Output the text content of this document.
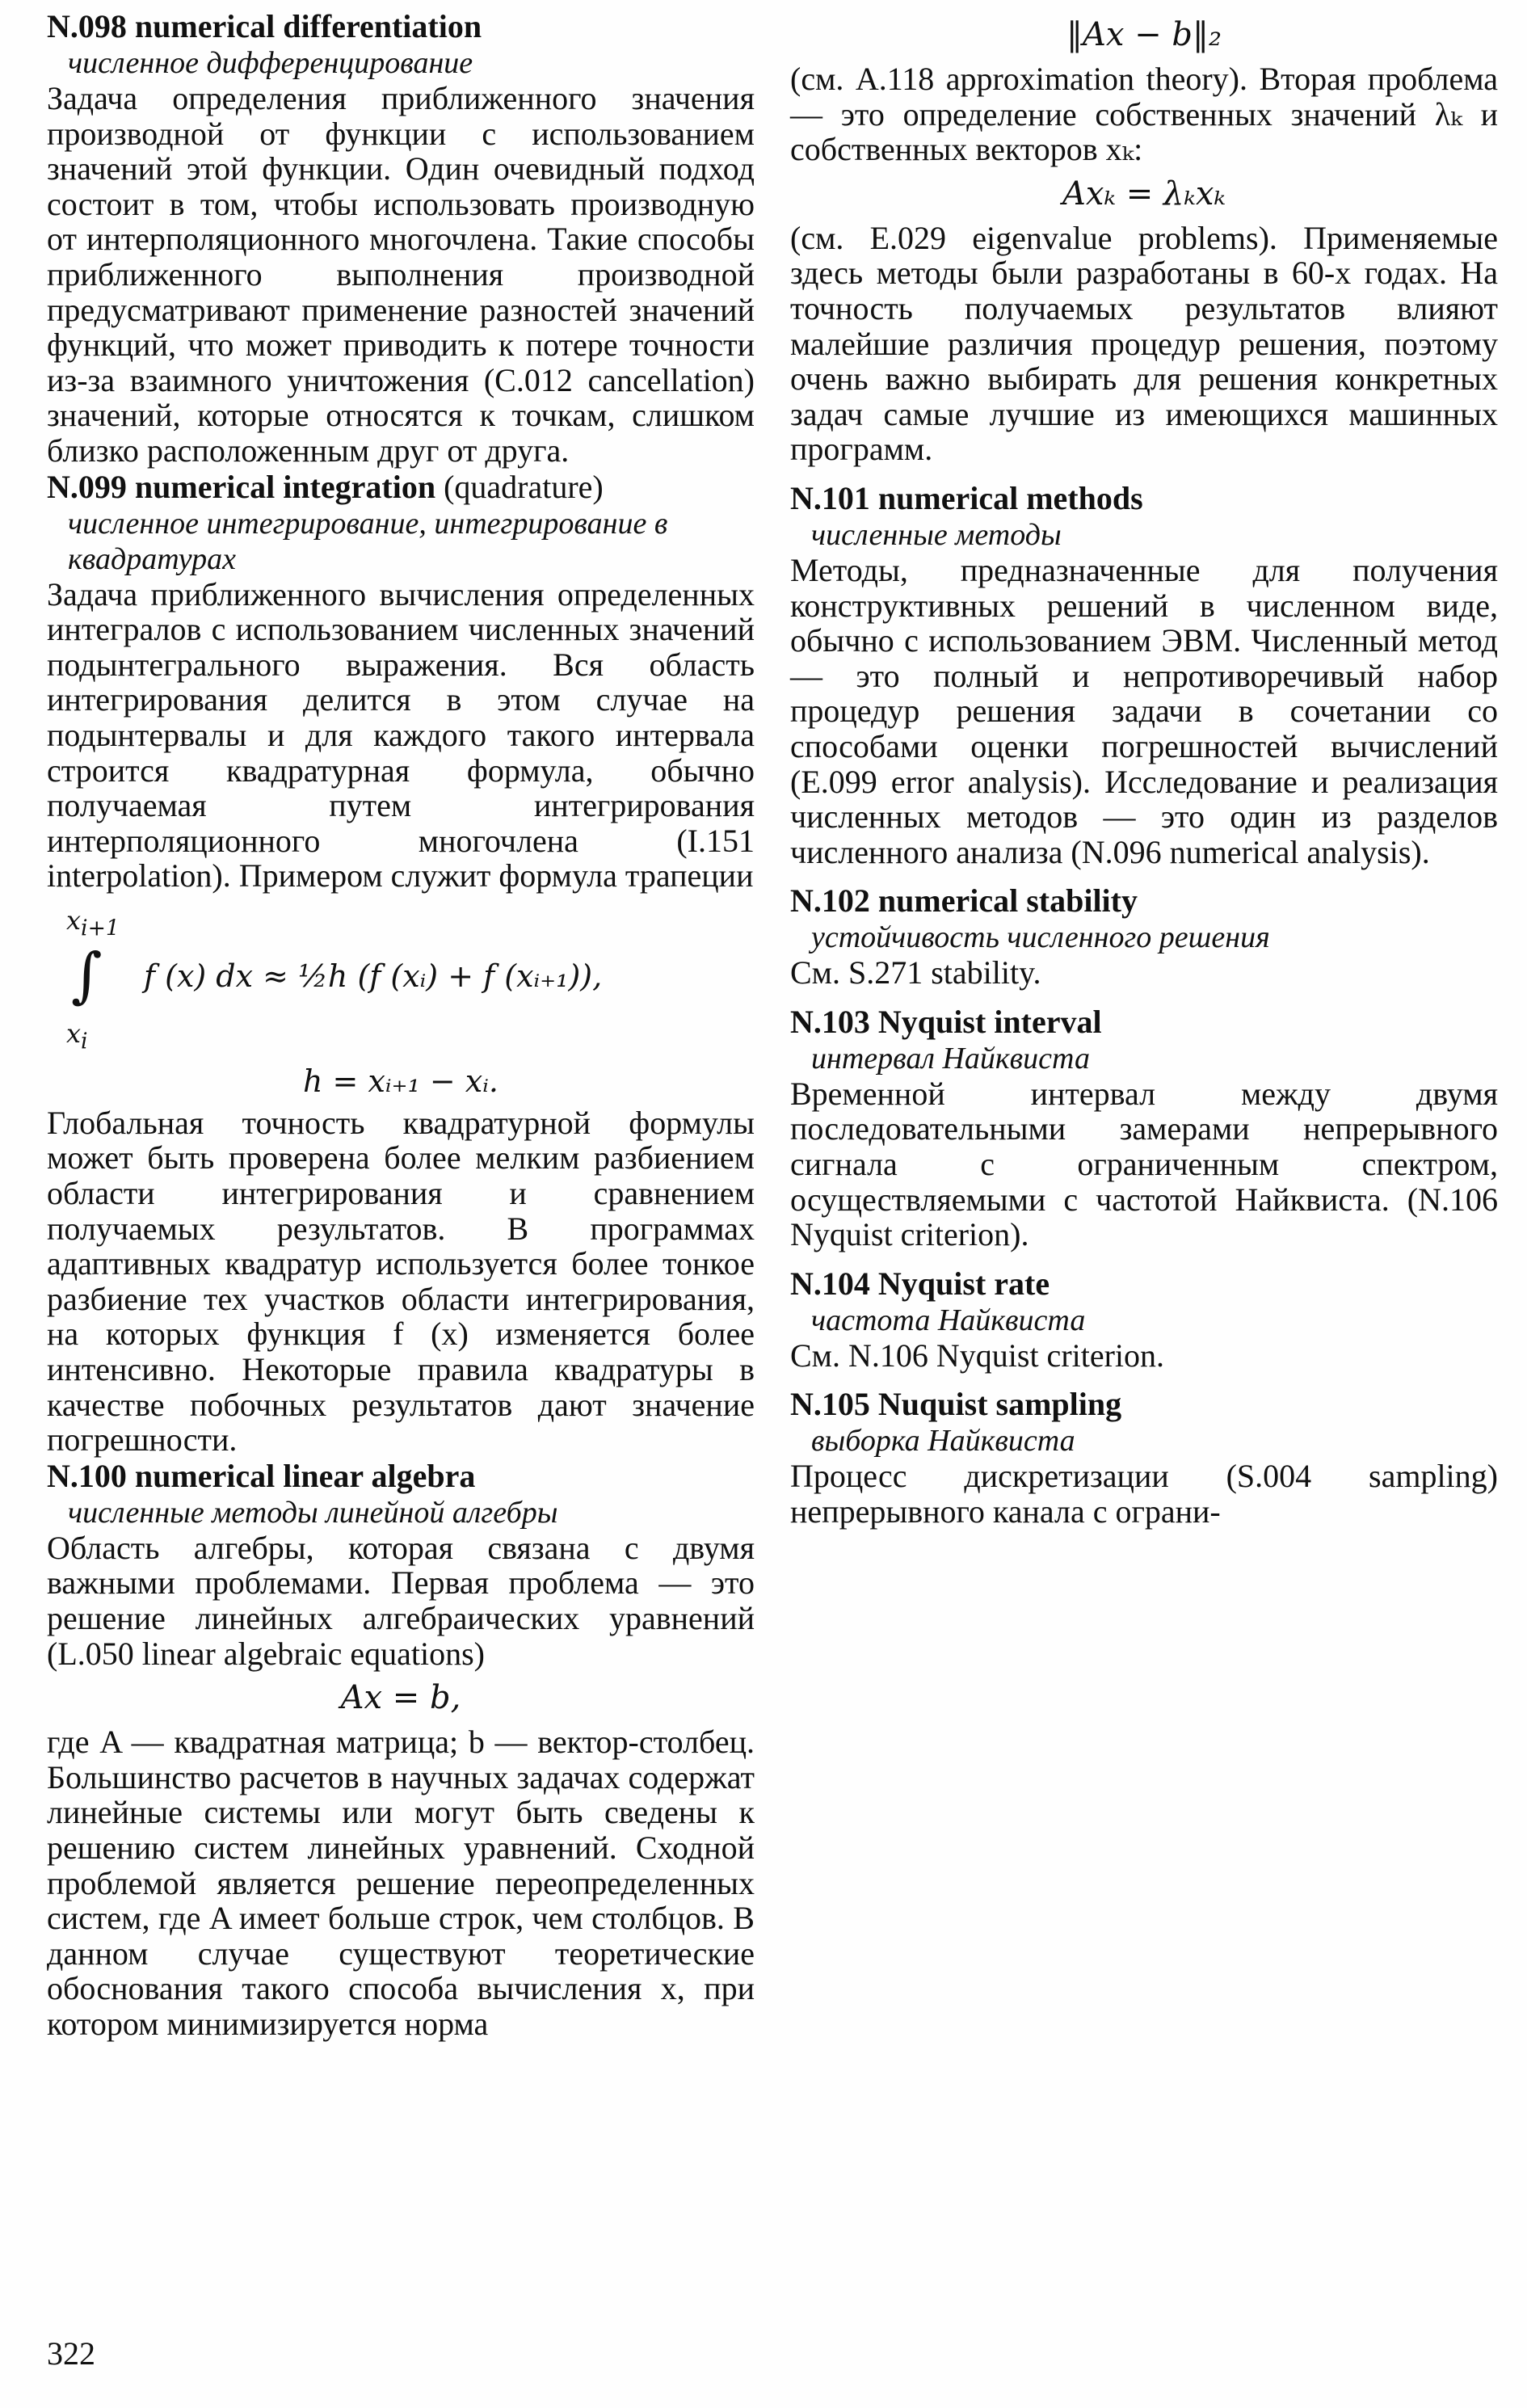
N.098 numerical differentiation

численное дифференцирование

Задача определения приближенного значения производной от функции с использованием значений этой функции. Один очевидный подход состоит в том, чтобы использовать производную от интерполяционного многочлена. Такие способы приближенного выполнения производной предусматривают применение разностей значений функций, что может приводить к потере точности из-за взаимного уничтожения (C.012 cancellation) значений, которые относятся к точкам, слишком близко расположенным друг от друга.

N.099 numerical integration (quadrature)

численное интегрирование, интегрирование в квадратурах

Задача приближенного вычисления определенных интегралов с использованием численных значений подынтегрального выражения. Вся область интегрирования делится в этом случае на подынтервалы и для каждого такого интервала строится квадратурная формула, обычно получаемая путем интегрирования интерполяционного многочлена (I.151 interpolation). Примером служит формула трапеции

$x_{i+1}$
∫
$x_i$
f (x) dx ≈ ½h (f (xᵢ) + f (xᵢ₊₁)),

h = xᵢ₊₁ − xᵢ.

Глобальная точность квадратурной формулы может быть проверена более мелким разбиением области интегрирования и сравнением получаемых результатов. В программах адаптивных квадратур используется более тонкое разбиение тех участков области интегрирования, на которых функция f (x) изменяется более интенсивно. Некоторые правила квадратуры в качестве побочных результатов дают значение погрешности.

N.100 numerical linear algebra

численные методы линейной алгебры

Область алгебры, которая связана с двумя важными проблемами. Первая проблема — это решение линейных алгебраических уравнений (L.050 linear algebraic equations)

Ax = b,

где A — квадратная матрица; b — вектор-столбец. Большинство расчетов в научных задачах содержат линейные системы или могут быть сведены к решению систем линейных уравнений. Сходной проблемой является решение переопределенных систем, где A имеет больше строк, чем столбцов. В данном случае существуют теоретические обоснования такого способа вычисления x, при котором минимизируется норма

‖Ax − b‖₂

(см. A.118 approximation theory). Вторая проблема — это определение собственных значений λₖ и собственных векторов xₖ:

Axₖ = λₖxₖ

(см. E.029 eigenvalue problems). Применяемые здесь методы были разработаны в 60-х годах. На точность получаемых результатов влияют малейшие различия процедур решения, поэтому очень важно выбирать для решения конкретных задач самые лучшие из имеющихся машинных программ.

N.101 numerical methods

численные методы

Методы, предназначенные для получения конструктивных решений в численном виде, обычно с использованием ЭВМ. Численный метод — это полный и непротиворечивый набор процедур решения задачи в сочетании со способами оценки погрешностей вычислений (E.099 error analysis). Исследование и реализация численных методов — это один из разделов численного анализа (N.096 numerical analysis).

N.102 numerical stability

устойчивость численного решения

См. S.271 stability.

N.103 Nyquist interval

интервал Найквиста

Временной интервал между двумя последовательными замерами непрерывного сигнала с ограниченным спектром, осуществляемыми с частотой Найквиста. (N.106 Nyquist criterion).

N.104 Nyquist rate

частота Найквиста

См. N.106 Nyquist criterion.

N.105 Nuquist sampling

выборка Найквиста

Процесс дискретизации (S.004 sampling) непрерывного канала с ограни-

322
